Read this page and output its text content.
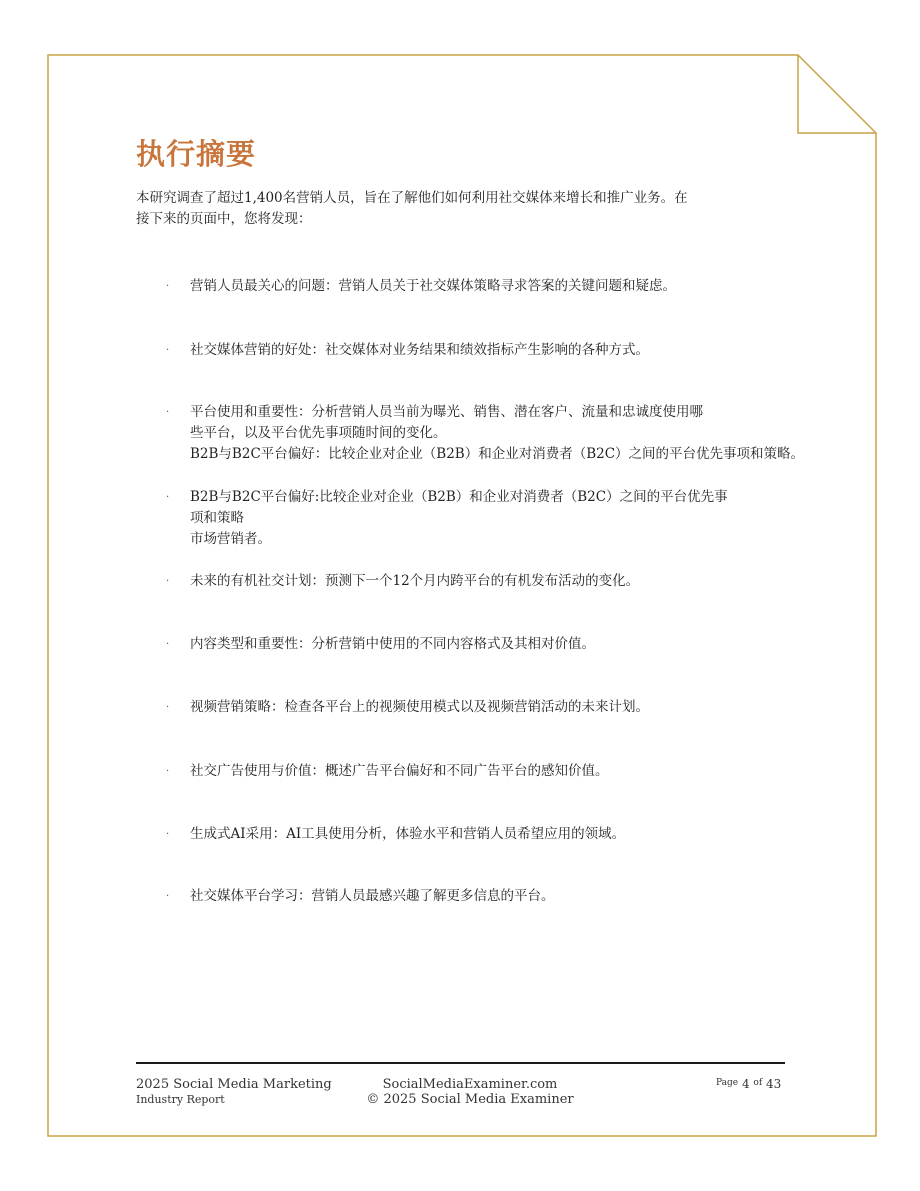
执行摘要
本研究调查了超过1,400名营销人员，旨在了解他们如何利用社交媒体来增长和推广业务。在
接下来的页面中，您将发现：
· 营销人员最关心的问题：营销人员关于社交媒体策略寻求答案的关键问题和疑虑。
· 社交媒体营销的好处：社交媒体对业务结果和绩效指标产生影响的各种方式。
· 平台使用和重要性：分析营销人员当前为曝光、销售、潜在客户、流量和忠诚度使用哪
些平台，以及平台优先事项随时间的变化。
B2B与B2C平台偏好：比较企业对企业（B2B）和企业对消费者（B2C）之间的平台优先事项和策略。
· B2B与B2C平台偏好:比较企业对企业（B2B）和企业对消费者（B2C）之间的平台优先事
项和策略
市场营销者。
· 未来的有机社交计划：预测下一个12个月内跨平台的有机发布活动的变化。
· 内容类型和重要性：分析营销中使用的不同内容格式及其相对价值。
· 视频营销策略：检查各平台上的视频使用模式以及视频营销活动的未来计划。
· 社交广告使用与价值：概述广告平台偏好和不同广告平台的感知价值。
· 生成式AI采用：AI工具使用分析，体验水平和营销人员希望应用的领域。
· 社交媒体平台学习：营销人员最感兴趣了解更多信息的平台。
2025 Social Media Marketing
Industry Report
SocialMediaExaminer.com
© 2025 Social Media Examiner
$^{Page}$ 4 $^{of}$ 43
